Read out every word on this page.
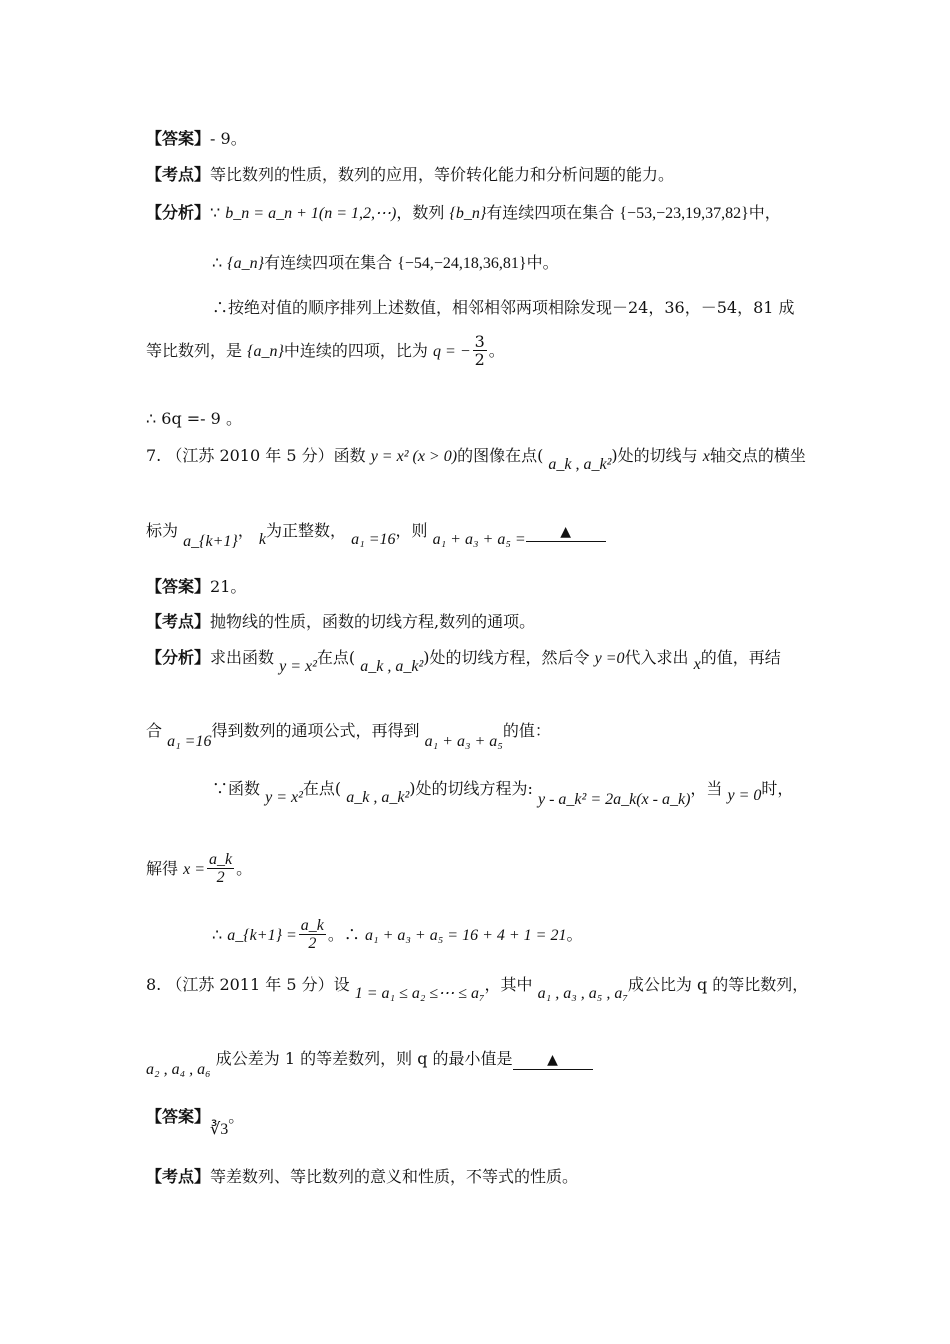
【答案】- 9。
【考点】等比数列的性质，数列的应用，等价转化能力和分析问题的能力。
【分析】∵ b_n = a_n + 1(n = 1,2,⋯)，数列 {b_n}有连续四项在集合 {−53,−23,19,37,82}中，
∴ {a_n}有连续四项在集合 {−54,−24,18,36,81}中。
∴按绝对值的顺序排列上述数值，相邻相邻两项相除发现－24，36，－54，81 成
等比数列，是 {a_n}中连续的四项，比为 q = − $\frac{3}{2}$ 。
∴ 6q =- 9 。
7. （江苏 2010 年 5 分）函数 y = x² (x > 0)的图像在点( a_k , a_k²)处的切线与 x轴交点的横坐
标为 a_{k+1}， k为正整数， a₁ =16，则 a₁ + a₃ + a₅ = ▲
【答案】21。
【考点】抛物线的性质，函数的切线方程,数列的通项。
【分析】求出函数 y = x²在点( a_k , a_k²)处的切线方程，然后令 y =0代入求出 x的值，再结
合 a₁ =16得到数列的通项公式，再得到 a₁ + a₃ + a₅的值：
∵函数 y = x²在点( a_k , a_k²)处的切线方程为: y - a_k² = 2a_k(x - a_k)，当 y = 0时，
解得 $x = \frac{a\_k}{2}$ 。
∴ a_{k+1} = $\frac{a\_k}{2}$ 。∴ a₁ + a₃ + a₅ = 16 + 4 + 1 = 21。
8. （江苏 2011 年 5 分）设 1 = a₁ ≤ a₂ ≤⋯ ≤ a₇，其中 a₁ , a₃ , a₅ , a₇成公比为 q 的等比数列，
a₂ , a₄ , a₆ 成公差为 1 的等差数列，则 q 的最小值是 ▲
【答案】∛3。
【考点】等差数列、等比数列的意义和性质，不等式的性质。
